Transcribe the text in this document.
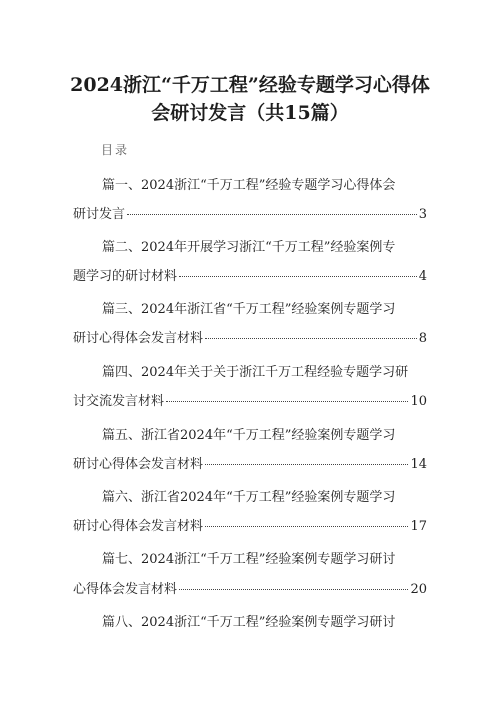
2024浙江“千万工程”经验专题学习心得体
会研讨发言（共15篇）
目录
篇一、2024浙江“千万工程”经验专题学习心得体会
研讨发言	3
篇二、2024年开展学习浙江“千万工程”经验案例专
题学习的研讨材料	4
篇三、2024年浙江省“千万工程”经验案例专题学习
研讨心得体会发言材料	8
篇四、2024年关于关于浙江千万工程经验专题学习研
讨交流发言材料	10
篇五、浙江省2024年“千万工程”经验案例专题学习
研讨心得体会发言材料	14
篇六、浙江省2024年“千万工程”经验案例专题学习
研讨心得体会发言材料	17
篇七、2024浙江“千万工程”经验案例专题学习研讨
心得体会发言材料	20
篇八、2024浙江“千万工程”经验案例专题学习研讨
